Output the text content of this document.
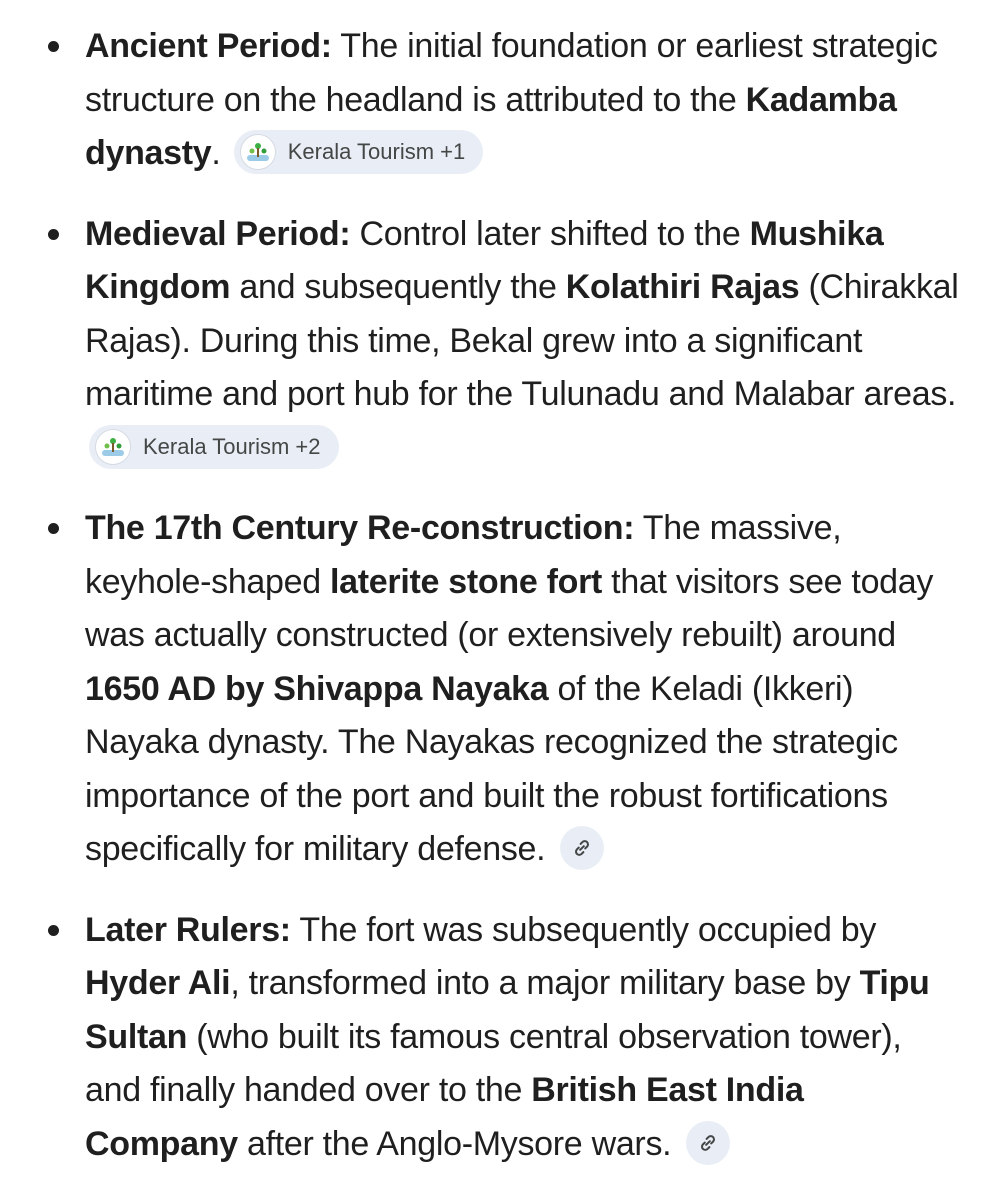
Ancient Period: The initial foundation or earliest strategic structure on the headland is attributed to the Kadamba dynasty.	Kerala Tourism +1
Medieval Period: Control later shifted to the Mushika Kingdom and subsequently the Kolathiri Rajas (Chirakkal Rajas). During this time, Bekal grew into a significant maritime and port hub for the Tulunadu and Malabar areas.
Kerala Tourism +2
The 17th Century Re-construction: The massive, keyhole-shaped laterite stone fort that visitors see today was actually constructed (or extensively rebuilt) around 1650 AD by Shivappa Nayaka of the Keladi (Ikkeri) Nayaka dynasty. The Nayakas recognized the strategic importance of the port and built the robust fortifications specifically for military defense.
Later Rulers: The fort was subsequently occupied by Hyder Ali, transformed into a major military base by Tipu Sultan (who built its famous central observation tower), and finally handed over to the British East India Company after the Anglo-Mysore wars.
